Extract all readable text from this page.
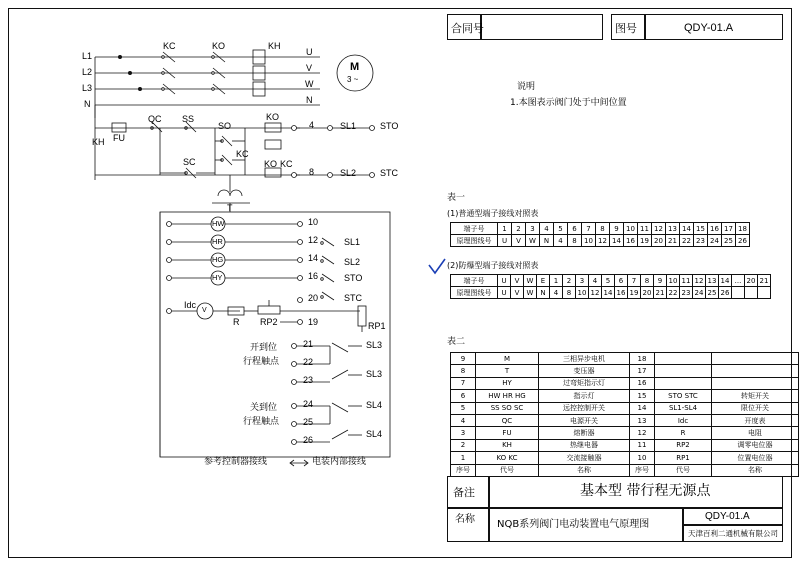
L1
L2
L3
N
KC	KO	KH
U
V
W
N
M
3 ~
FU
KH
QC SS
SO
KC
SC
KO
KO KC
4
8
SL1
SL2
STO
STC
T
HW
HR
HG
HY
10
12
14
16
SL1
SL2
STO
STC
Idc
V
R RP2	RP1
19
20
开到位
行程触点
21
22
23
SL3
SL3
关到位
行程触点
24
25
26
SL4
SL4
参考控制器接线	电装内部接线
合同号	图号	QDY-01.A
说明
1.本图表示阀门处于中间位置
表一
(1)普通型端子接线对照表
端子号	1	2	3	4	5	6	7	8	9	10	11	12	13	14	15	16	17	18
原理图线号	U	V	W	N	4	8	10	12	14	16	19	20	21	22	23	24	25	26
(2)防爆型端子接线对照表
端子号	U	V	W	E	1	2	3	4	5	6	7	8	9	10	11	12	13	14	...	20	21
原理图线号	U	V	W	N	4	8	10	12	14	16	19	20	21	22	23	24	25	26			
表二
9	M	三相异步电机	18		
8	T	变压器	17		
7	HY	过弯矩指示灯	16		
6	HW HR HG	指示灯	15	STO STC	转矩开关
5	SS SO SC	远控控制开关	14	SL1-SL4	限位开关
4	QC	电源开关	13	Idc	开度表
3	FU	熔断器	12	R	电阻
2	KH	热继电器	11	RP2	调零电位器
1	KO KC	交流接触器	10	RP1	位置电位器
序号	代号	名称	序号	代号	名称
备注	基本型 带行程无源点
名称 NQB系列阀门电动装置电气原理图
QDY-01.A
天津百利二通机械有限公司
